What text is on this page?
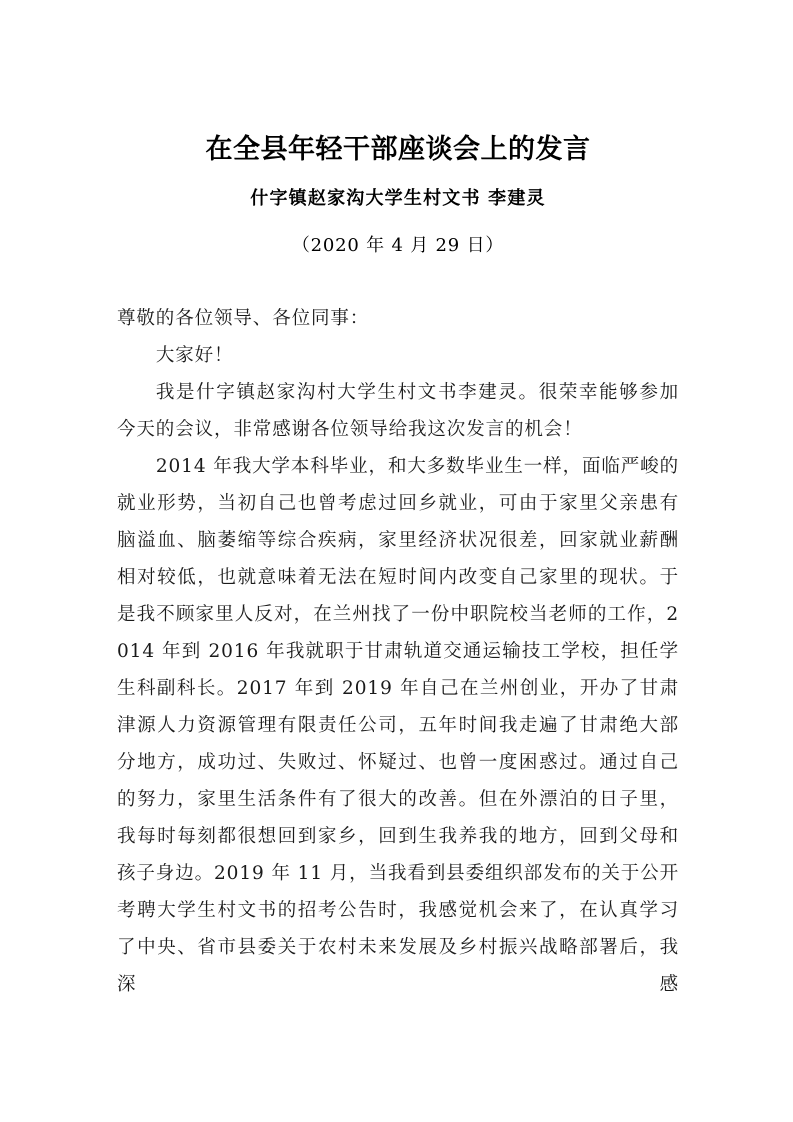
在全县年轻干部座谈会上的发言
什字镇赵家沟大学生村文书 李建灵
（2020 年 4 月 29 日）

尊敬的各位领导、各位同事：

大家好！

我是什字镇赵家沟村大学生村文书李建灵。很荣幸能够参加今天的会议，非常感谢各位领导给我这次发言的机会！

2014 年我大学本科毕业，和大多数毕业生一样，面临严峻的就业形势，当初自己也曾考虑过回乡就业，可由于家里父亲患有脑溢血、脑萎缩等综合疾病，家里经济状况很差，回家就业薪酬相对较低，也就意味着无法在短时间内改变自己家里的现状。于是我不顾家里人反对，在兰州找了一份中职院校当老师的工作，2014 年到 2016 年我就职于甘肃轨道交通运输技工学校，担任学生科副科长。2017 年到 2019 年自己在兰州创业，开办了甘肃津源人力资源管理有限责任公司，五年时间我走遍了甘肃绝大部分地方，成功过、失败过、怀疑过、也曾一度困惑过。通过自己的努力，家里生活条件有了很大的改善。但在外漂泊的日子里，我每时每刻都很想回到家乡，回到生我养我的地方，回到父母和孩子身边。2019 年 11 月，当我看到县委组织部发布的关于公开考聘大学生村文书的招考公告时，我感觉机会来了，在认真学习了中央、省市县委关于农村未来发展及乡村振兴战略部署后，我深感
